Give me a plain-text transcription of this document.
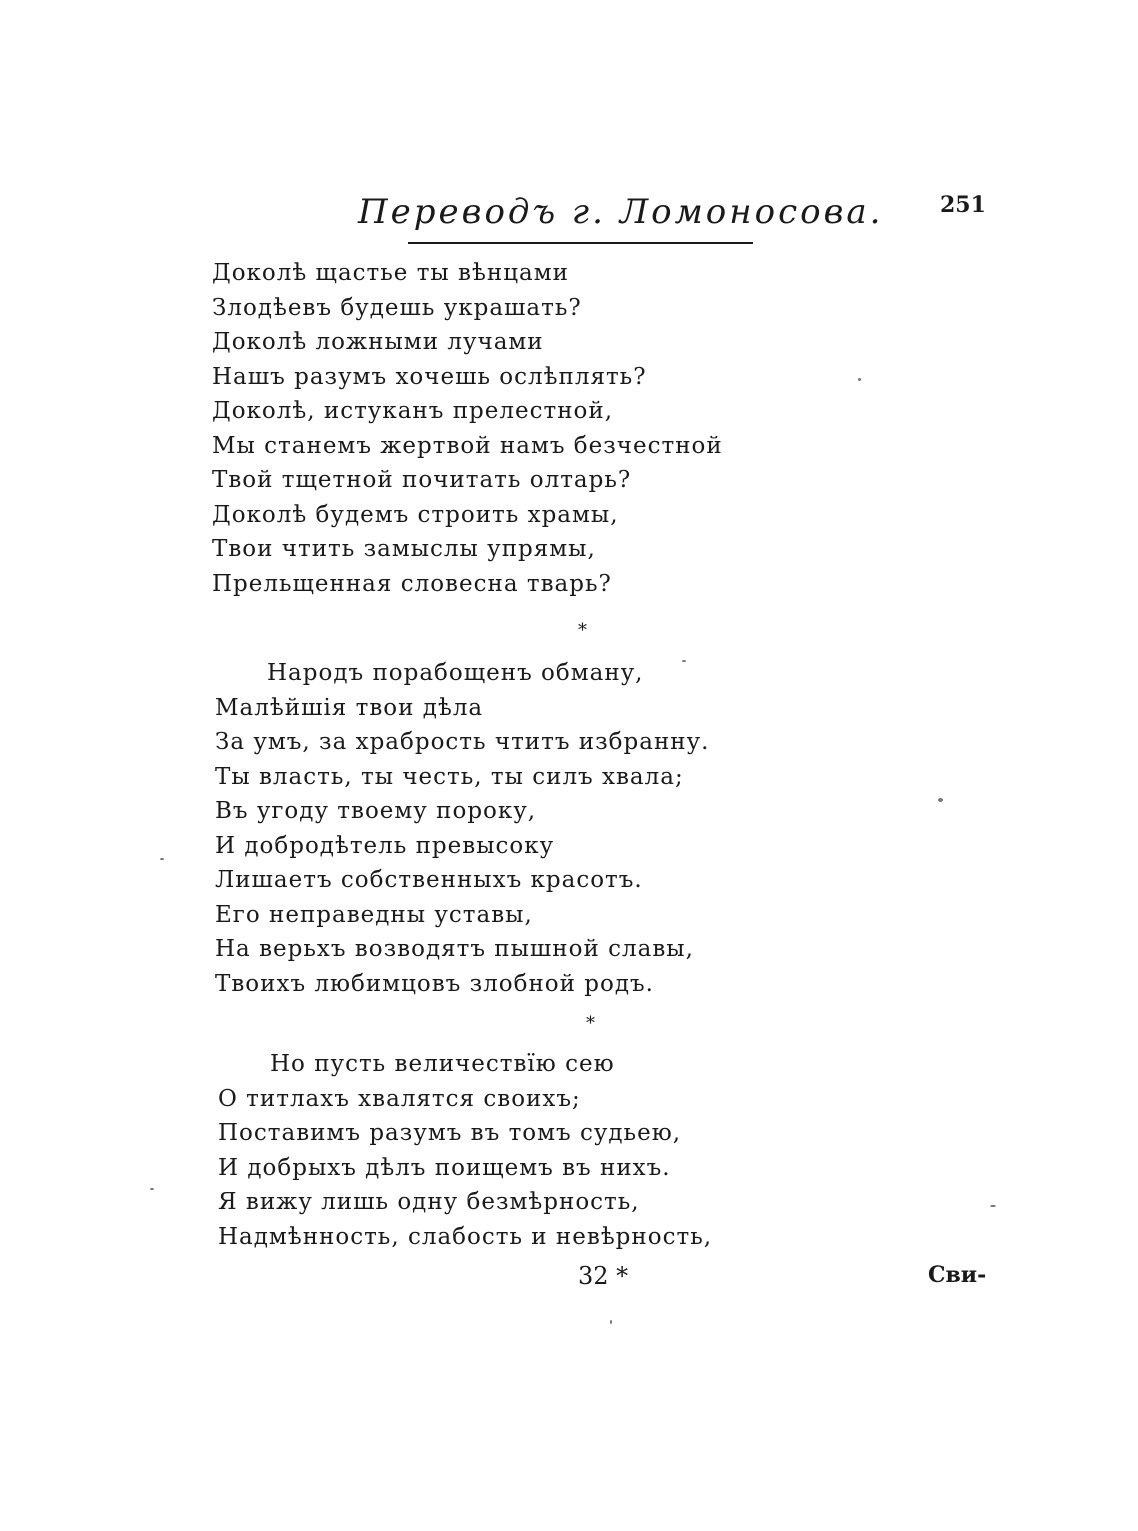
Переводъ г. Ломоносова.	251
Доколѣ щастье ты вѣнцами
Злодѣевъ будешь украшать?
Доколѣ ложными лучами
Нашъ разумъ хочешь ослѣплять?
Доколѣ, истуканъ прелестной,
Мы станемъ жертвой намъ безчестной
Твой тщетной почитать олтарь?
Доколѣ будемъ строить храмы,
Твои чтить замыслы упрямы,
Прельщенная словесна тварь?
*
Народъ порабощенъ обману,
Малѣйшія твои дѣла
За умъ, за храбрость чтитъ избранну.
Ты власть, ты честь, ты силъ хвала;
Въ угоду твоему пороку,
И добродѣтель превысоку
Лишаетъ собственныхъ красотъ.
Его неправедны уставы,
На верьхъ возводятъ пышной славы,
Твоихъ любимцовъ злобной родъ.
*
Но пусть величествїю сею
О титлахъ хвалятся своихъ;
Поставимъ разумъ въ томъ судьею,
И добрыхъ дѣлъ поищемъ въ нихъ.
Я вижу лишь одну безмѣрность,
Надмѣнность, слабость и невѣрность,
32 *	Сви-
